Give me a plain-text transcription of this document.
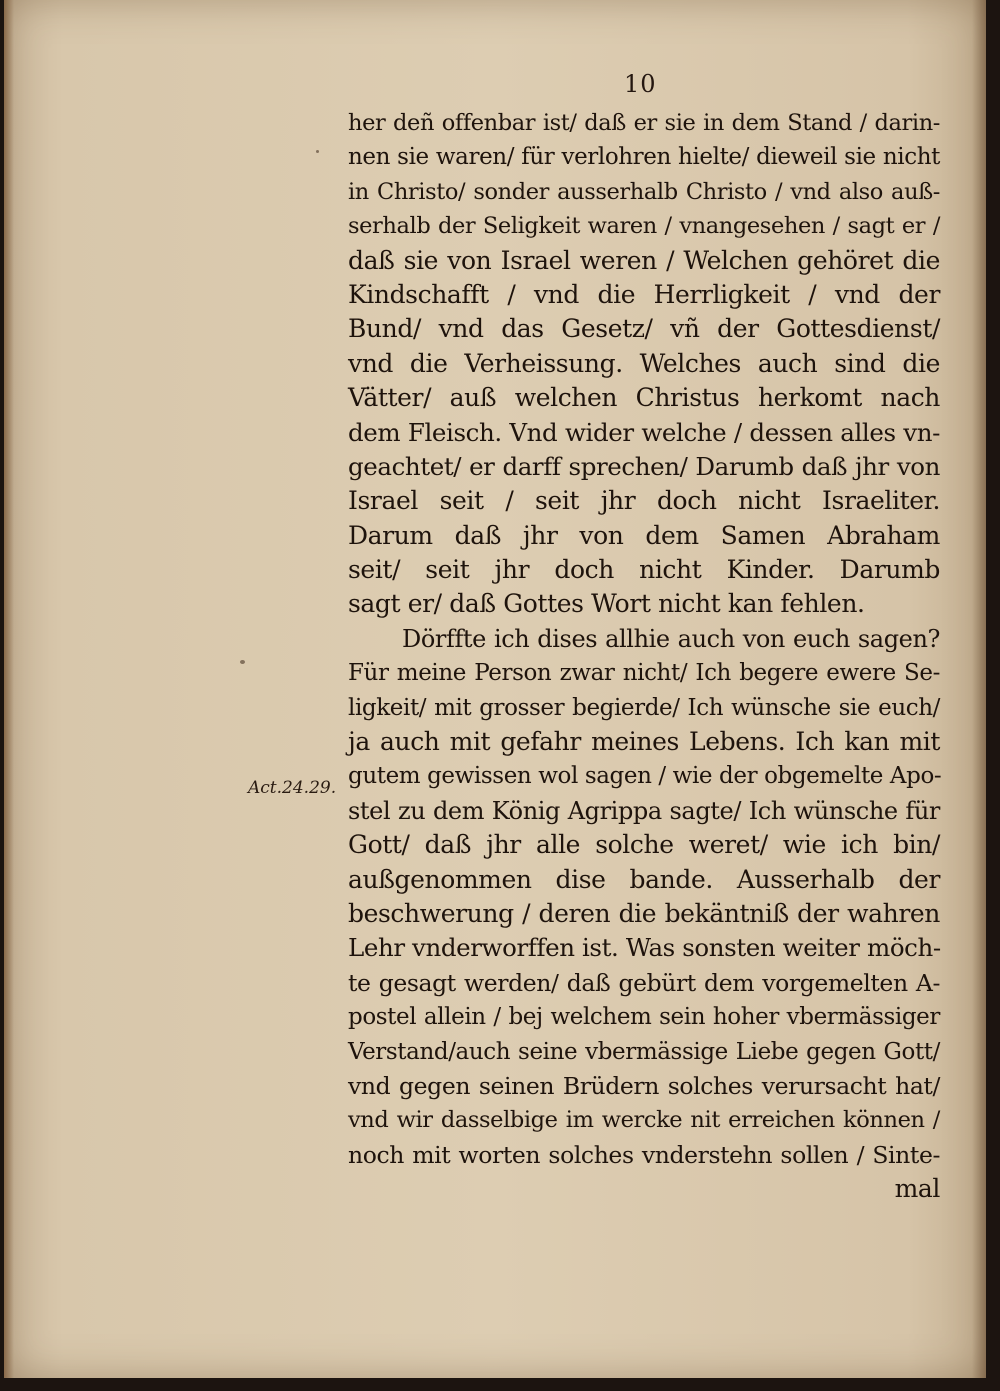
10
Act.24.29.
her deñ offenbar ist/ daß er sie in dem Stand / darin-
nen sie waren/ für verlohren hielte/ dieweil sie nicht
in Christo/ sonder ausserhalb Christo / vnd also auß-
serhalb der Seligkeit waren / vnangesehen / sagt er /
daß sie von Israel weren / Welchen gehöret die
Kindschafft / vnd die Herrligkeit / vnd der
Bund/ vnd das Gesetz/ vñ der Gottesdienst/
vnd die Verheissung. Welches auch sind die
Vätter/ auß welchen Christus herkomt nach
dem Fleisch. Vnd wider welche / dessen alles vn-
geachtet/ er darff sprechen/ Darumb daß jhr von
Israel seit / seit jhr doch nicht Israeliter.
Darum daß jhr von dem Samen Abraham
seit/ seit jhr doch nicht Kinder. Darumb
sagt er/ daß Gottes Wort nicht kan fehlen.
Dörffte ich dises allhie auch von euch sagen?
Für meine Person zwar nicht/ Ich begere ewere Se-
ligkeit/ mit grosser begierde/ Ich wünsche sie euch/
ja auch mit gefahr meines Lebens. Ich kan mit
gutem gewissen wol sagen / wie der obgemelte Apo-
stel zu dem König Agrippa sagte/ Ich wünsche für
Gott/ daß jhr alle solche weret/ wie ich bin/
außgenommen dise bande. Ausserhalb der
beschwerung / deren die bekäntniß der wahren
Lehr vnderworffen ist. Was sonsten weiter möch-
te gesagt werden/ daß gebürt dem vorgemelten A-
postel allein / bej welchem sein hoher vbermässiger
Verstand/auch seine vbermässige Liebe gegen Gott/
vnd gegen seinen Brüdern solches verursacht hat/
vnd wir dasselbige im wercke nit erreichen können /
noch mit worten solches vnderstehn sollen / Sinte-
mal
